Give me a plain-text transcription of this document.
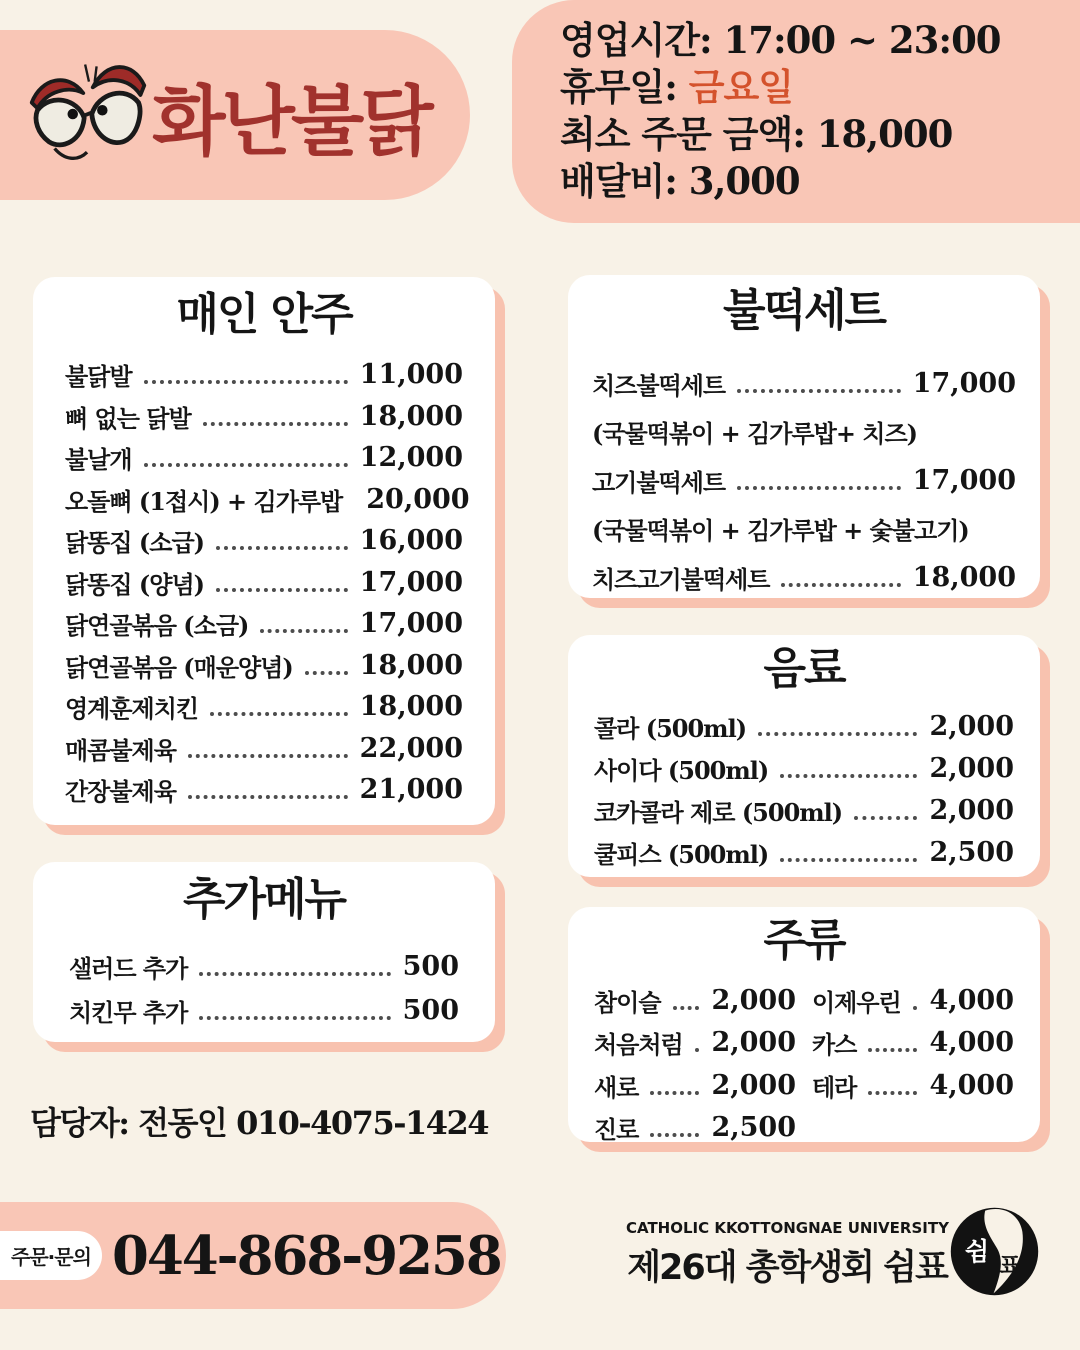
화난불닭
영업시간: 17:00 ~ 23:00
휴무일: 금요일
최소 주문 금액: 18,000
배달비: 3,000
매인 안주
불닭발	11,000
뼈 없는 닭발	18,000
불날개	12,000
오돌뼈 (1접시) + 김가루밥 20,000
닭똥집 (소급)	16,000
닭똥집 (양념)	17,000
닭연골볶음 (소금)	17,000
닭연골볶음 (매운양념) 18,000
영계훈제치킨	18,000
매콤불제육	22,000
간장불제육	21,000
불떡세트
치즈불떡세트	17,000
(국물떡볶이 + 김가루밥+ 치즈)
고기불떡세트	17,000
(국물떡볶이 + 김가루밥 + 숯불고기)
치즈고기불떡세트	18,000
음료
콜라 (500ml)	2,000
사이다 (500ml)	2,000
코카콜라 제로 (500ml)	2,000
쿨피스 (500ml)	2,500
주류
참이슬 2,000
처음처럼 2,000
새로	2,000
진로	2,500
이제우린 4,000
카스	4,000
테라	4,000
추가메뉴
샐러드 추가	500
치킨무 추가	500
담당자: 전동인 010-4075-1424
주문·문의 044-868-9258	CATHOLIC KKOTTONGNAE UNIVERSITY
제26대 총학생회 쉼표 쉼
표
